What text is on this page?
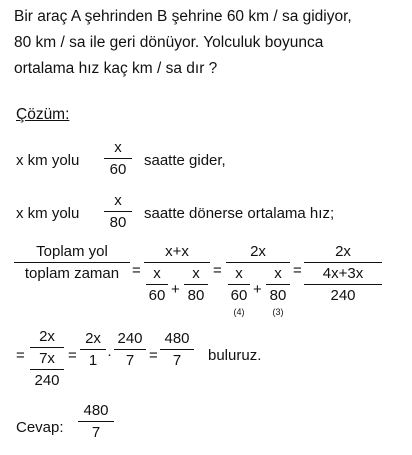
Bir araç A şehrinden B şehrine 60 km / sa gidiyor,
80 km / sa ile geri dönüyor. Yolculuk boyunca
ortalama hız kaç km / sa dır ?
Çözüm:
x km yolu
x
60
saatte gider,
x km yolu
x
80
saatte dönerse ortalama hız;
Toplam yol
toplam zaman =
x+x
x
60 +
x
80
=
2x
x
60
(4)
+
x
80
(3)
=
2x
4x+3x
240
=
2x
7x
240
=
2x
1 ·
240
7 =
480
7	buluruz.
Cevap:
480
7
